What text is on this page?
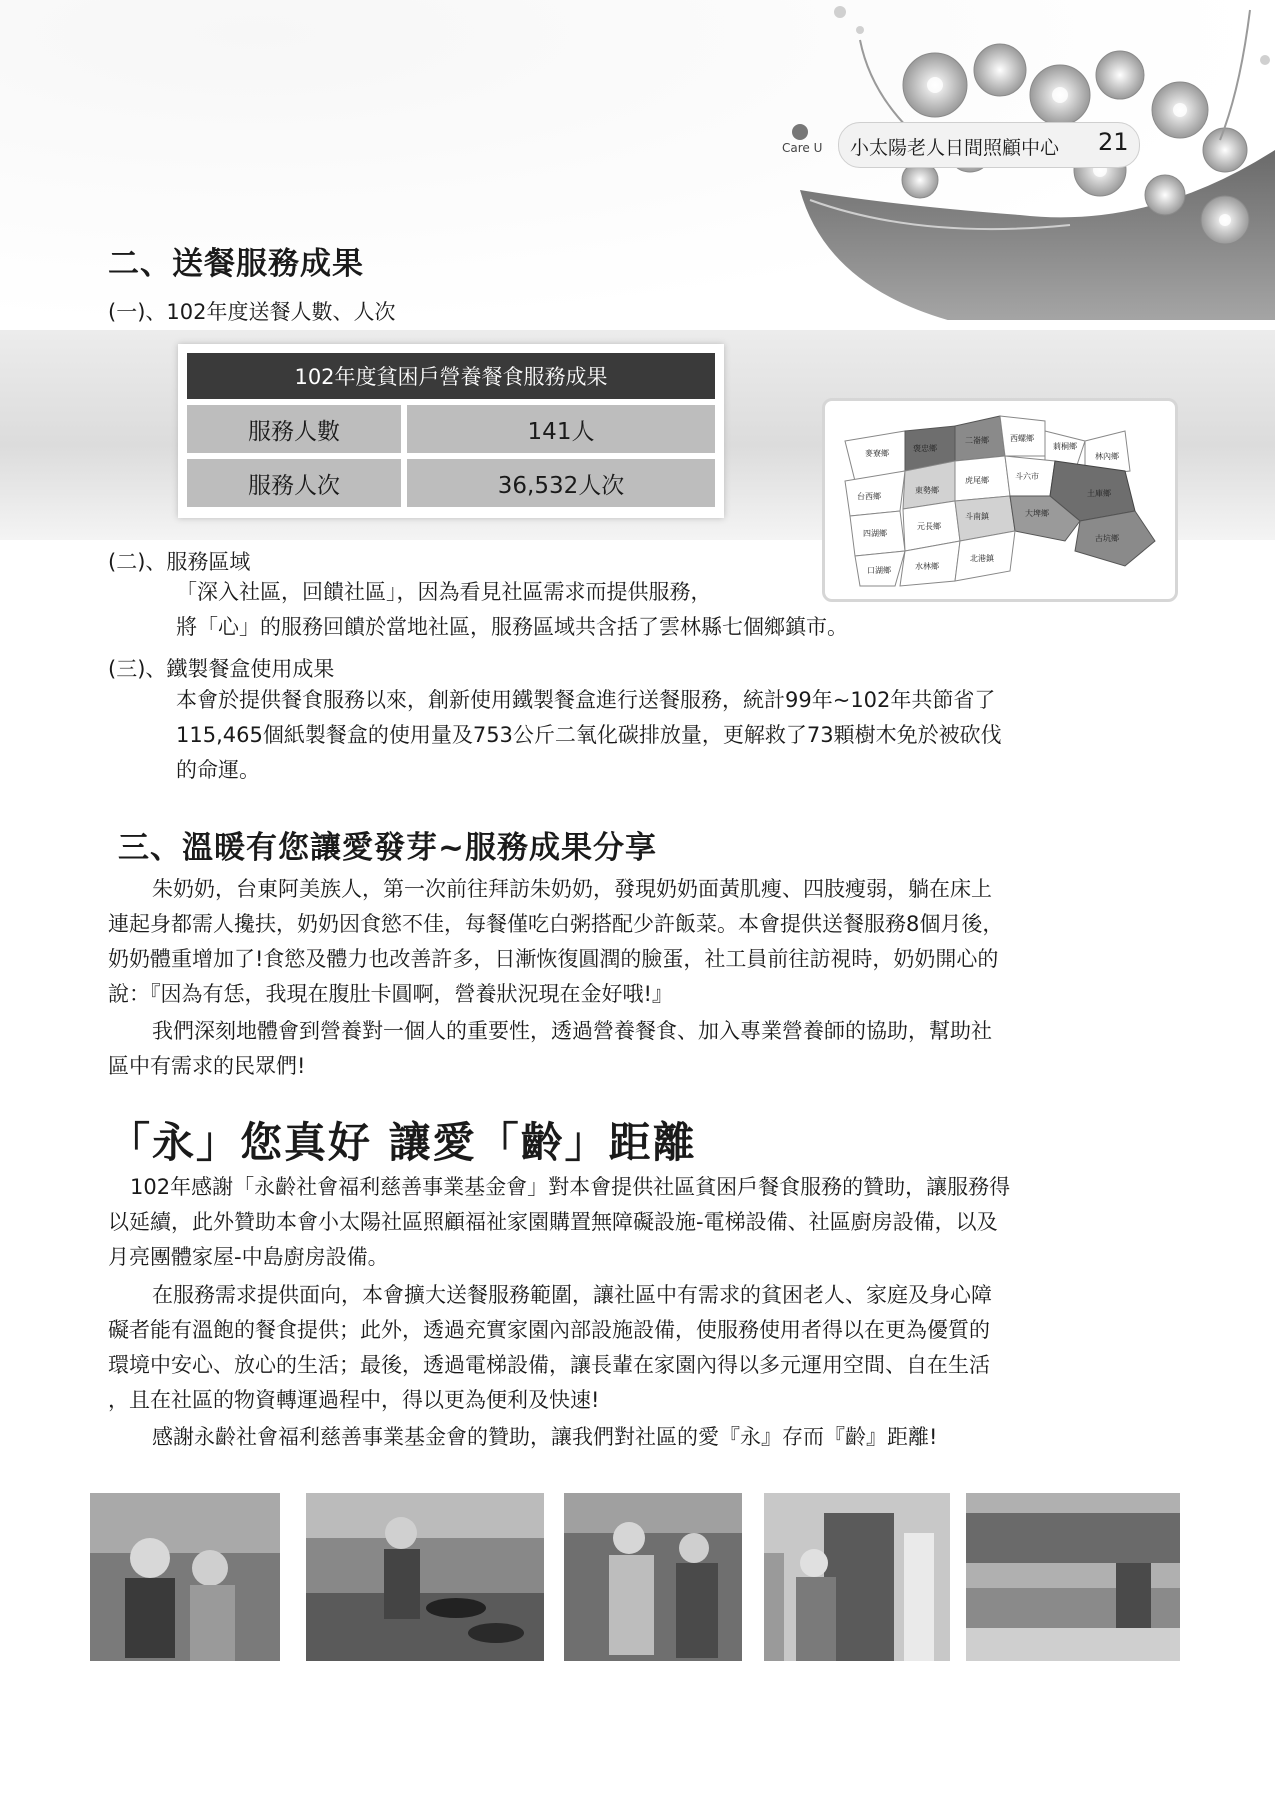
Care U 小太陽老人日間照顧中心 21
二、送餐服務成果
(一)、102年度送餐人數、人次
102年度貧困戶營養餐食服務成果
服務人數	141人
服務人次	36,532人次
麥寮鄉
褒忠鄉
二崙鄉	西螺鄉
莿桐鄉
林內鄉
台西鄉
東勢鄉
虎尾鄉	斗六市
土庫鄉
斗南鎮
四湖鄉
元長鄉
大埤鄉
古坑鄉
口湖鄉	水林鄉
北港鎮
(二)、服務區域
「深入社區，回饋社區」，因為看見社區需求而提供服務，
將「心」的服務回饋於當地社區，服務區域共含括了雲林縣七個鄉鎮市。
(三)、鐵製餐盒使用成果
本會於提供餐食服務以來，創新使用鐵製餐盒進行送餐服務，統計99年~102年共節省了
115,465個紙製餐盒的使用量及753公斤二氧化碳排放量，更解救了73顆樹木免於被砍伐
的命運。
三、溫暖有您讓愛發芽~服務成果分享
朱奶奶，台東阿美族人，第一次前往拜訪朱奶奶，發現奶奶面黃肌瘦、四肢瘦弱，躺在床上
連起身都需人攙扶，奶奶因食慾不佳，每餐僅吃白粥搭配少許飯菜。本會提供送餐服務8個月後，
奶奶體重增加了!食慾及體力也改善許多，日漸恢復圓潤的臉蛋，社工員前往訪視時，奶奶開心的
說：『因為有恁，我現在腹肚卡圓啊，營養狀況現在金好哦!』
我們深刻地體會到營養對一個人的重要性，透過營養餐食、加入專業營養師的協助，幫助社
區中有需求的民眾們!
「永」您真好 讓愛「齡」距離
102年感謝「永齡社會福利慈善事業基金會」對本會提供社區貧困戶餐食服務的贊助，讓服務得
以延續，此外贊助本會小太陽社區照顧福祉家園購置無障礙設施-電梯設備、社區廚房設備，以及
月亮團體家屋-中島廚房設備。
在服務需求提供面向，本會擴大送餐服務範圍，讓社區中有需求的貧困老人、家庭及身心障
礙者能有溫飽的餐食提供；此外，透過充實家園內部設施設備，使服務使用者得以在更為優質的
環境中安心、放心的生活；最後，透過電梯設備，讓長輩在家園內得以多元運用空間、自在生活
，且在社區的物資轉運過程中，得以更為便利及快速!
感謝永齡社會福利慈善事業基金會的贊助，讓我們對社區的愛『永』存而『齡』距離!
